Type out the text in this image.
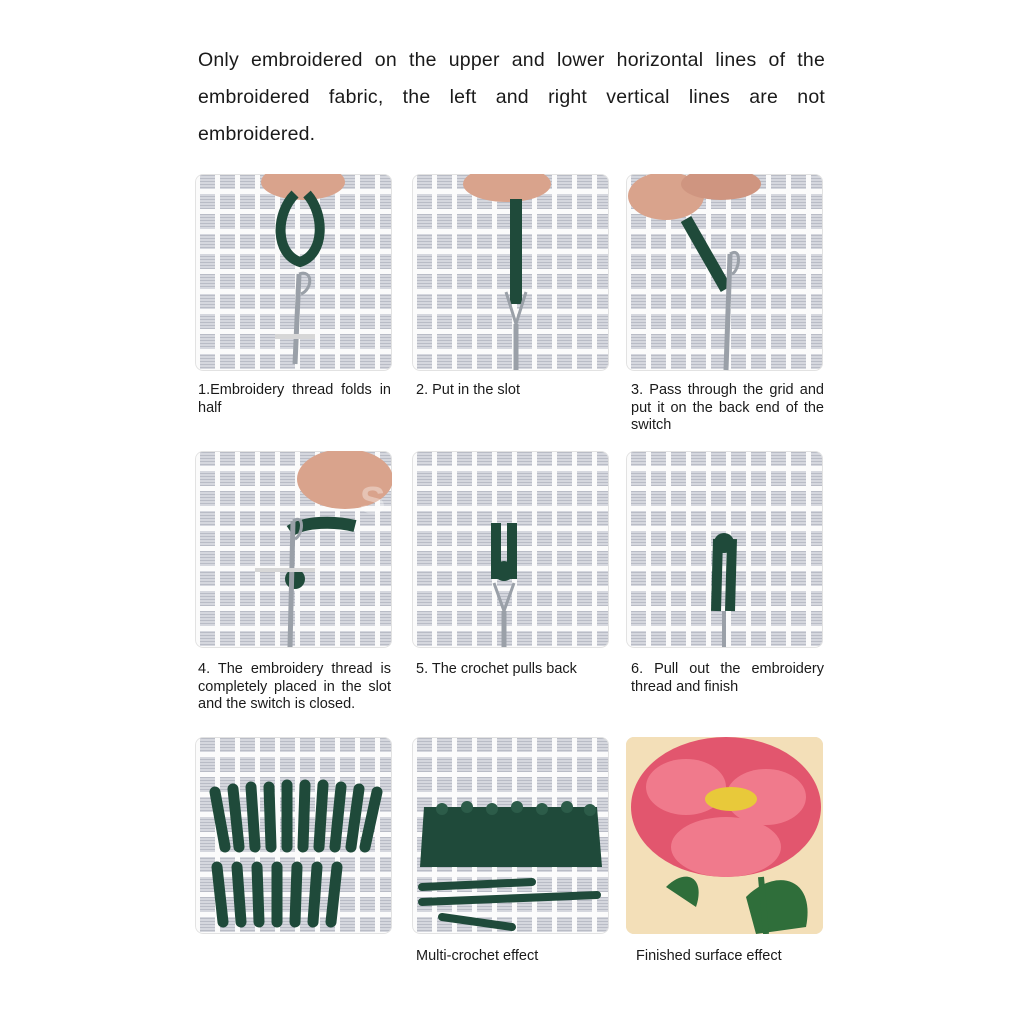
Only embroidered on the upper and lower horizontal lines of the embroidered fabric, the left and right vertical lines are not embroidered.

1.Embroidery thread folds in half

2. Put in the slot	3. Pass through the grid and put it on the back end of the switch

S

4. The embroidery thread is completely placed in the slot and the switch is closed.

5. The crochet pulls back	6. Pull out the embroidery thread and finish

Multi-crochet effect	Finished surface effect
